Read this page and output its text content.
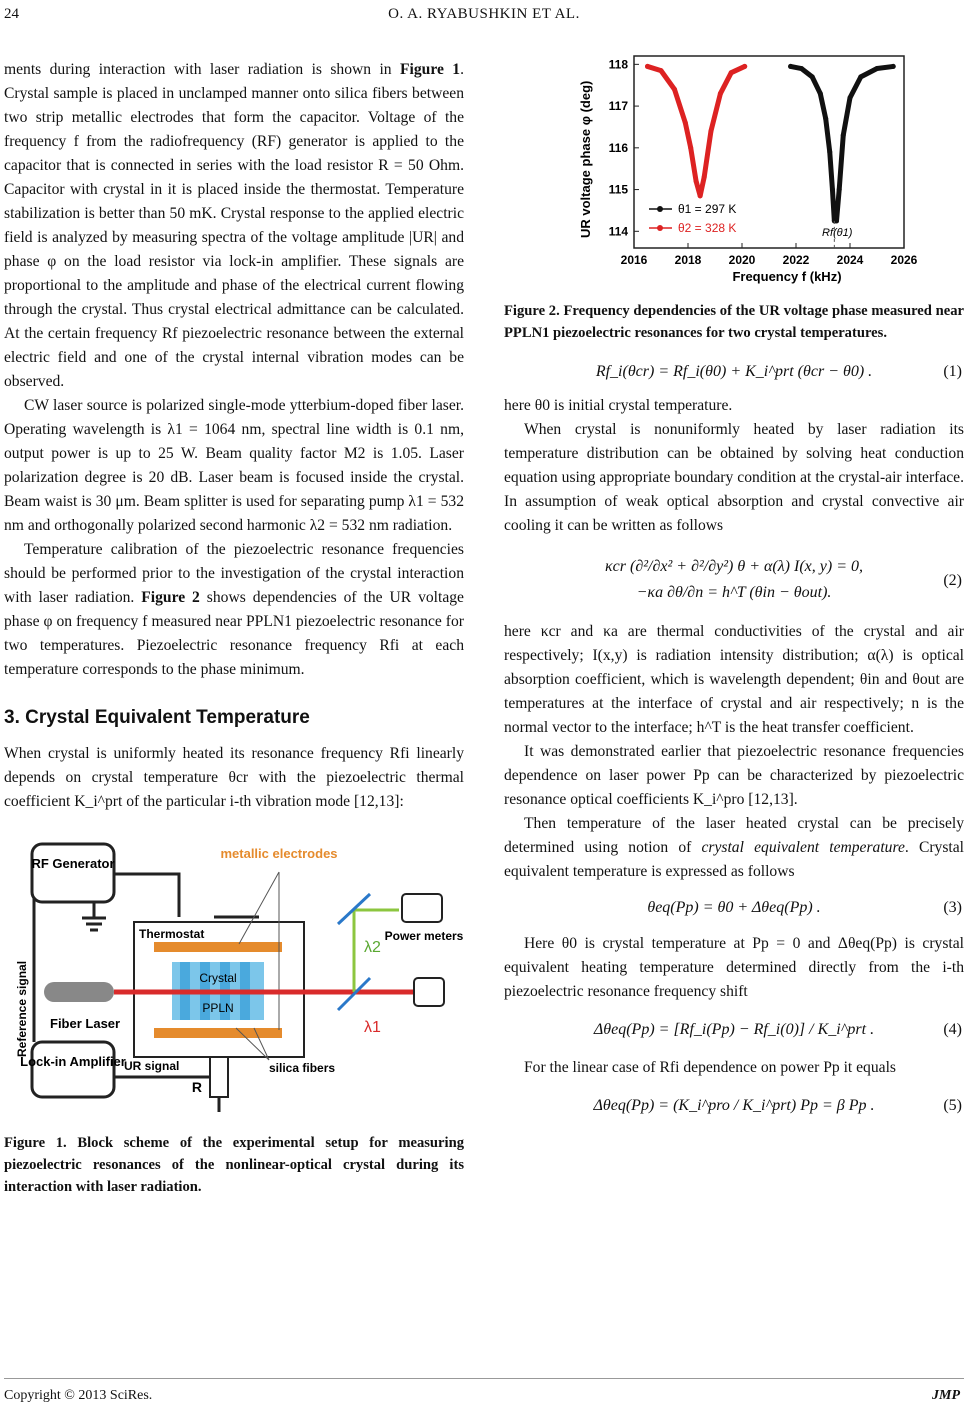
24	O. A. RYABUSHKIN ET AL.

ments during interaction with laser radiation is shown in Figure 1. Crystal sample is placed in unclamped manner onto silica fibers between two strip metallic electrodes that form the capacitor. Voltage of the frequency f from the radiofrequency (RF) generator is applied to the capacitor that is connected in series with the load resistor R = 50 Ohm. Capacitor with crystal in it is placed inside the thermostat. Temperature stabilization is better than 50 mK. Crystal response to the applied electric field is analyzed by measuring spectra of the voltage amplitude |UR| and phase φ on the load resistor via lock-in amplifier. These signals are proportional to the amplitude and phase of the electrical current flowing through the crystal. Thus crystal electrical admittance can be calculated. At the certain frequency Rf piezoelectric resonance between the external electric field and one of the crystal internal vibration modes can be observed.

CW laser source is polarized single-mode ytterbium-doped fiber laser. Operating wavelength is λ1 = 1064 nm, spectral line width is 0.1 nm, output power is up to 25 W. Beam quality factor M2 is 1.05. Laser polarization degree is 20 dB. Laser beam is focused inside the crystal. Beam waist is 30 μm. Beam splitter is used for separating pump λ1 = 532 nm and orthogonally polarized second harmonic λ2 = 532 nm radiation.

Temperature calibration of the piezoelectric resonance frequencies should be performed prior to the investigation of the crystal interaction with laser radiation. Figure 2 shows dependencies of the UR voltage phase φ on frequency f measured near PPLN1 piezoelectric resonance for two temperatures. Piezoelectric resonance frequency Rfi at each temperature corresponds to the phase minimum.

3. Crystal Equivalent Temperature

When crystal is uniformly heated its resonance frequency Rfi linearly depends on crystal temperature θcr with the piezoelectric thermal coefficient K_i^prt of the particular i-th vibration mode [12,13]:

RF Generator
Thermostat
Crystal
PPLN
metallic electrodes
Fiber Laser
λ2
λ1
Power meters
Reference signal
Lock-in Amplifier
UR signal
R
silica fibers

Figure 1. Block scheme of the experimental setup for measuring piezoelectric resonances of the nonlinear-optical crystal during its interaction with laser radiation.

UR voltage phase φ (deg)
2016 2018 2020 2022 2024 2026
114
115
116
117
118
Frequency f (kHz)
Rf(θ1)
θ1 = 297 K
θ2 = 328 K

Figure 2. Frequency dependencies of the UR voltage phase measured near PPLN1 piezoelectric resonances for two crystal temperatures.

Rf_i(θcr) = Rf_i(θ0) + K_i^prt (θcr − θ0) .	(1)

here θ0 is initial crystal temperature.

When crystal is nonuniformly heated by laser radiation its temperature distribution can be obtained by solving heat conduction equation using appropriate boundary condition at the crystal-air interface. In assumption of weak optical absorption and crystal convective air cooling it can be written as follows

κcr (∂²/∂x² + ∂²/∂y²) θ + α(λ) I(x, y) = 0,
−κa ∂θ/∂n = h^T (θin − θout).
(2)

here κcr and κa are thermal conductivities of the crystal and air respectively; I(x,y) is radiation intensity distribution; α(λ) is optical absorption coefficient, which is wavelength dependent; θin and θout are temperatures at the interface of crystal and air respectively; n is the normal vector to the interface; h^T is the heat transfer coefficient.

It was demonstrated earlier that piezoelectric resonance frequencies dependence on laser power Pp can be characterized by piezoelectric resonance optical coefficients K_i^pro [12,13].

Then temperature of the laser heated crystal can be precisely determined using notion of crystal equivalent temperature. Crystal equivalent temperature is expressed as follows

θeq(Pp) = θ0 + Δθeq(Pp) .	(3)

Here θ0 is crystal temperature at Pp = 0 and Δθeq(Pp) is crystal equivalent heating temperature determined directly from the i-th piezoelectric resonance frequency shift

Δθeq(Pp) = [Rf_i(Pp) − Rf_i(0)] / K_i^prt .	(4)

For the linear case of Rfi dependence on power Pp it equals

Δθeq(Pp) = (K_i^pro / K_i^prt) Pp = β Pp .	(5)
Copyright © 2013 SciRes.	JMP
